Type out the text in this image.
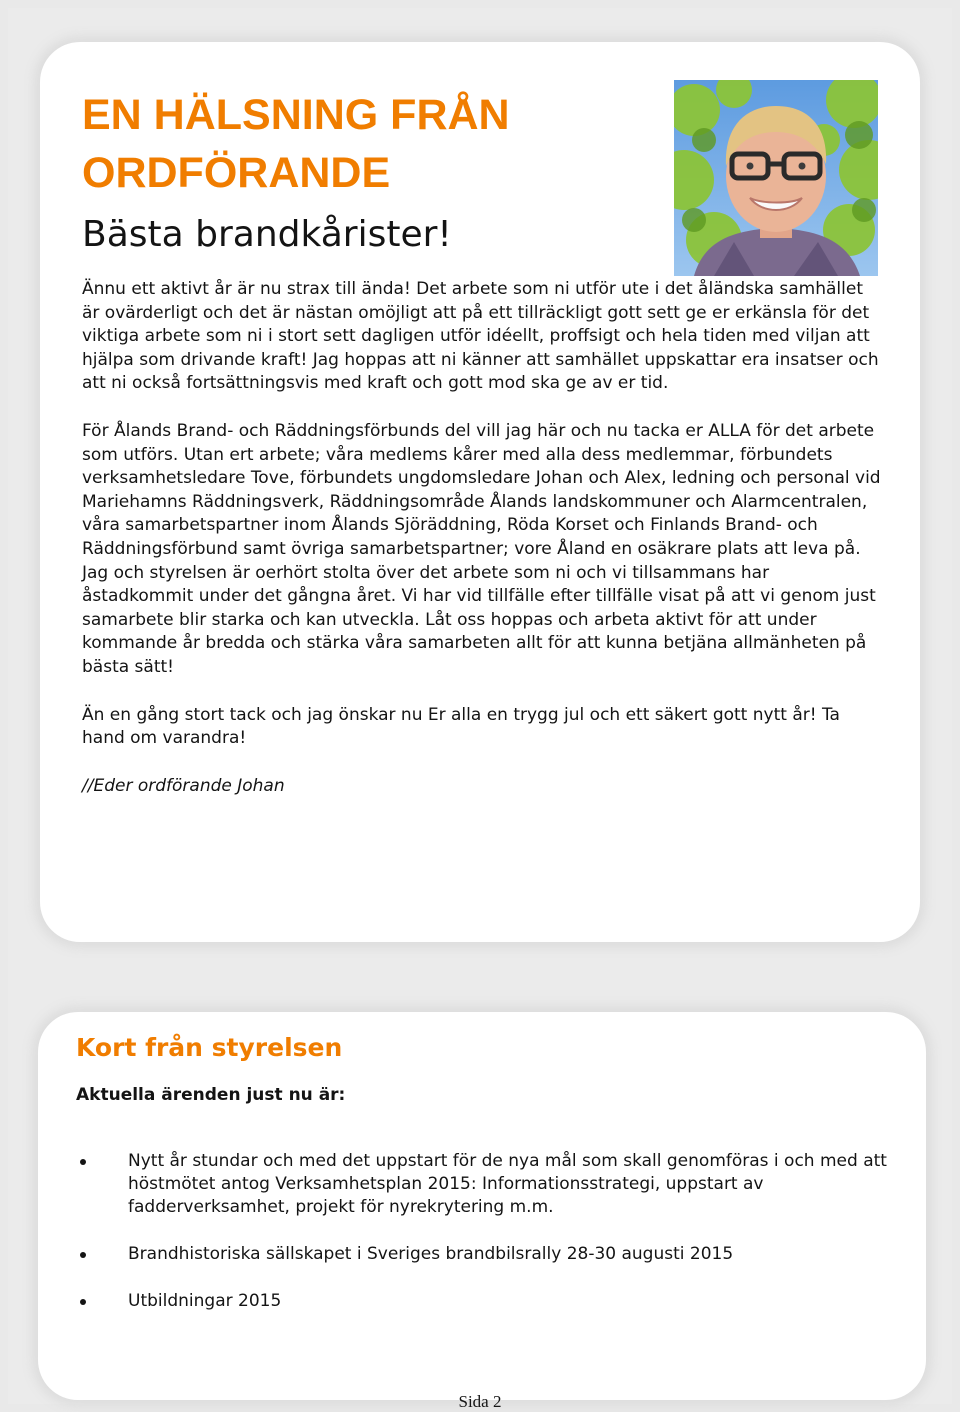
EN HÄLSNING FRÅN ORDFÖRANDE
Bästa brandkårister!

Ännu ett aktivt år är nu strax till ända! Det arbete som ni utför ute i det åländska samhället är ovärderligt och det är nästan omöjligt att på ett tillräckligt gott sett ge er erkänsla för det viktiga arbete som ni i stort sett dagligen utför idéellt, proffsigt och hela tiden med viljan att hjälpa som drivande kraft! Jag hoppas att ni känner att samhället uppskattar era insatser och att ni också fortsättningsvis med kraft och gott mod ska ge av er tid.

För Ålands Brand- och Räddningsförbunds del vill jag här och nu tacka er ALLA för det arbete som utförs. Utan ert arbete; våra medlems kårer med alla dess medlemmar, förbundets verksamhetsledare Tove, förbundets ungdomsledare Johan och Alex, ledning och personal vid Mariehamns Räddningsverk, Räddningsområde Ålands landskommuner och Alarmcentralen, våra samarbetspartner inom Ålands Sjöräddning, Röda Korset och Finlands Brand- och Räddningsförbund samt övriga samarbetspartner; vore Åland en osäkrare plats att leva på. Jag och styrelsen är oerhört stolta över det arbete som ni och vi tillsammans har åstadkommit under det gångna året. Vi har vid tillfälle efter tillfälle visat på att vi genom just samarbete blir starka och kan utveckla. Låt oss hoppas och arbeta aktivt för att under kommande år bredda och stärka våra samarbeten allt för att kunna betjäna allmänheten på bästa sätt!

Än en gång stort tack och jag önskar nu Er alla en trygg jul och ett säkert gott nytt år! Ta hand om varandra!

//Eder ordförande Johan

Kort från styrelsen
Aktuella ärenden just nu är:
Nytt år stundar och med det uppstart för de nya mål som skall genomföras i och med att höstmötet antog Verksamhetsplan 2015: Informationsstrategi, uppstart av fadderverksamhet, projekt för nyrekrytering m.m.
Brandhistoriska sällskapet i Sveriges brandbilsrally 28-30 augusti 2015
Utbildningar 2015
Sida 2
